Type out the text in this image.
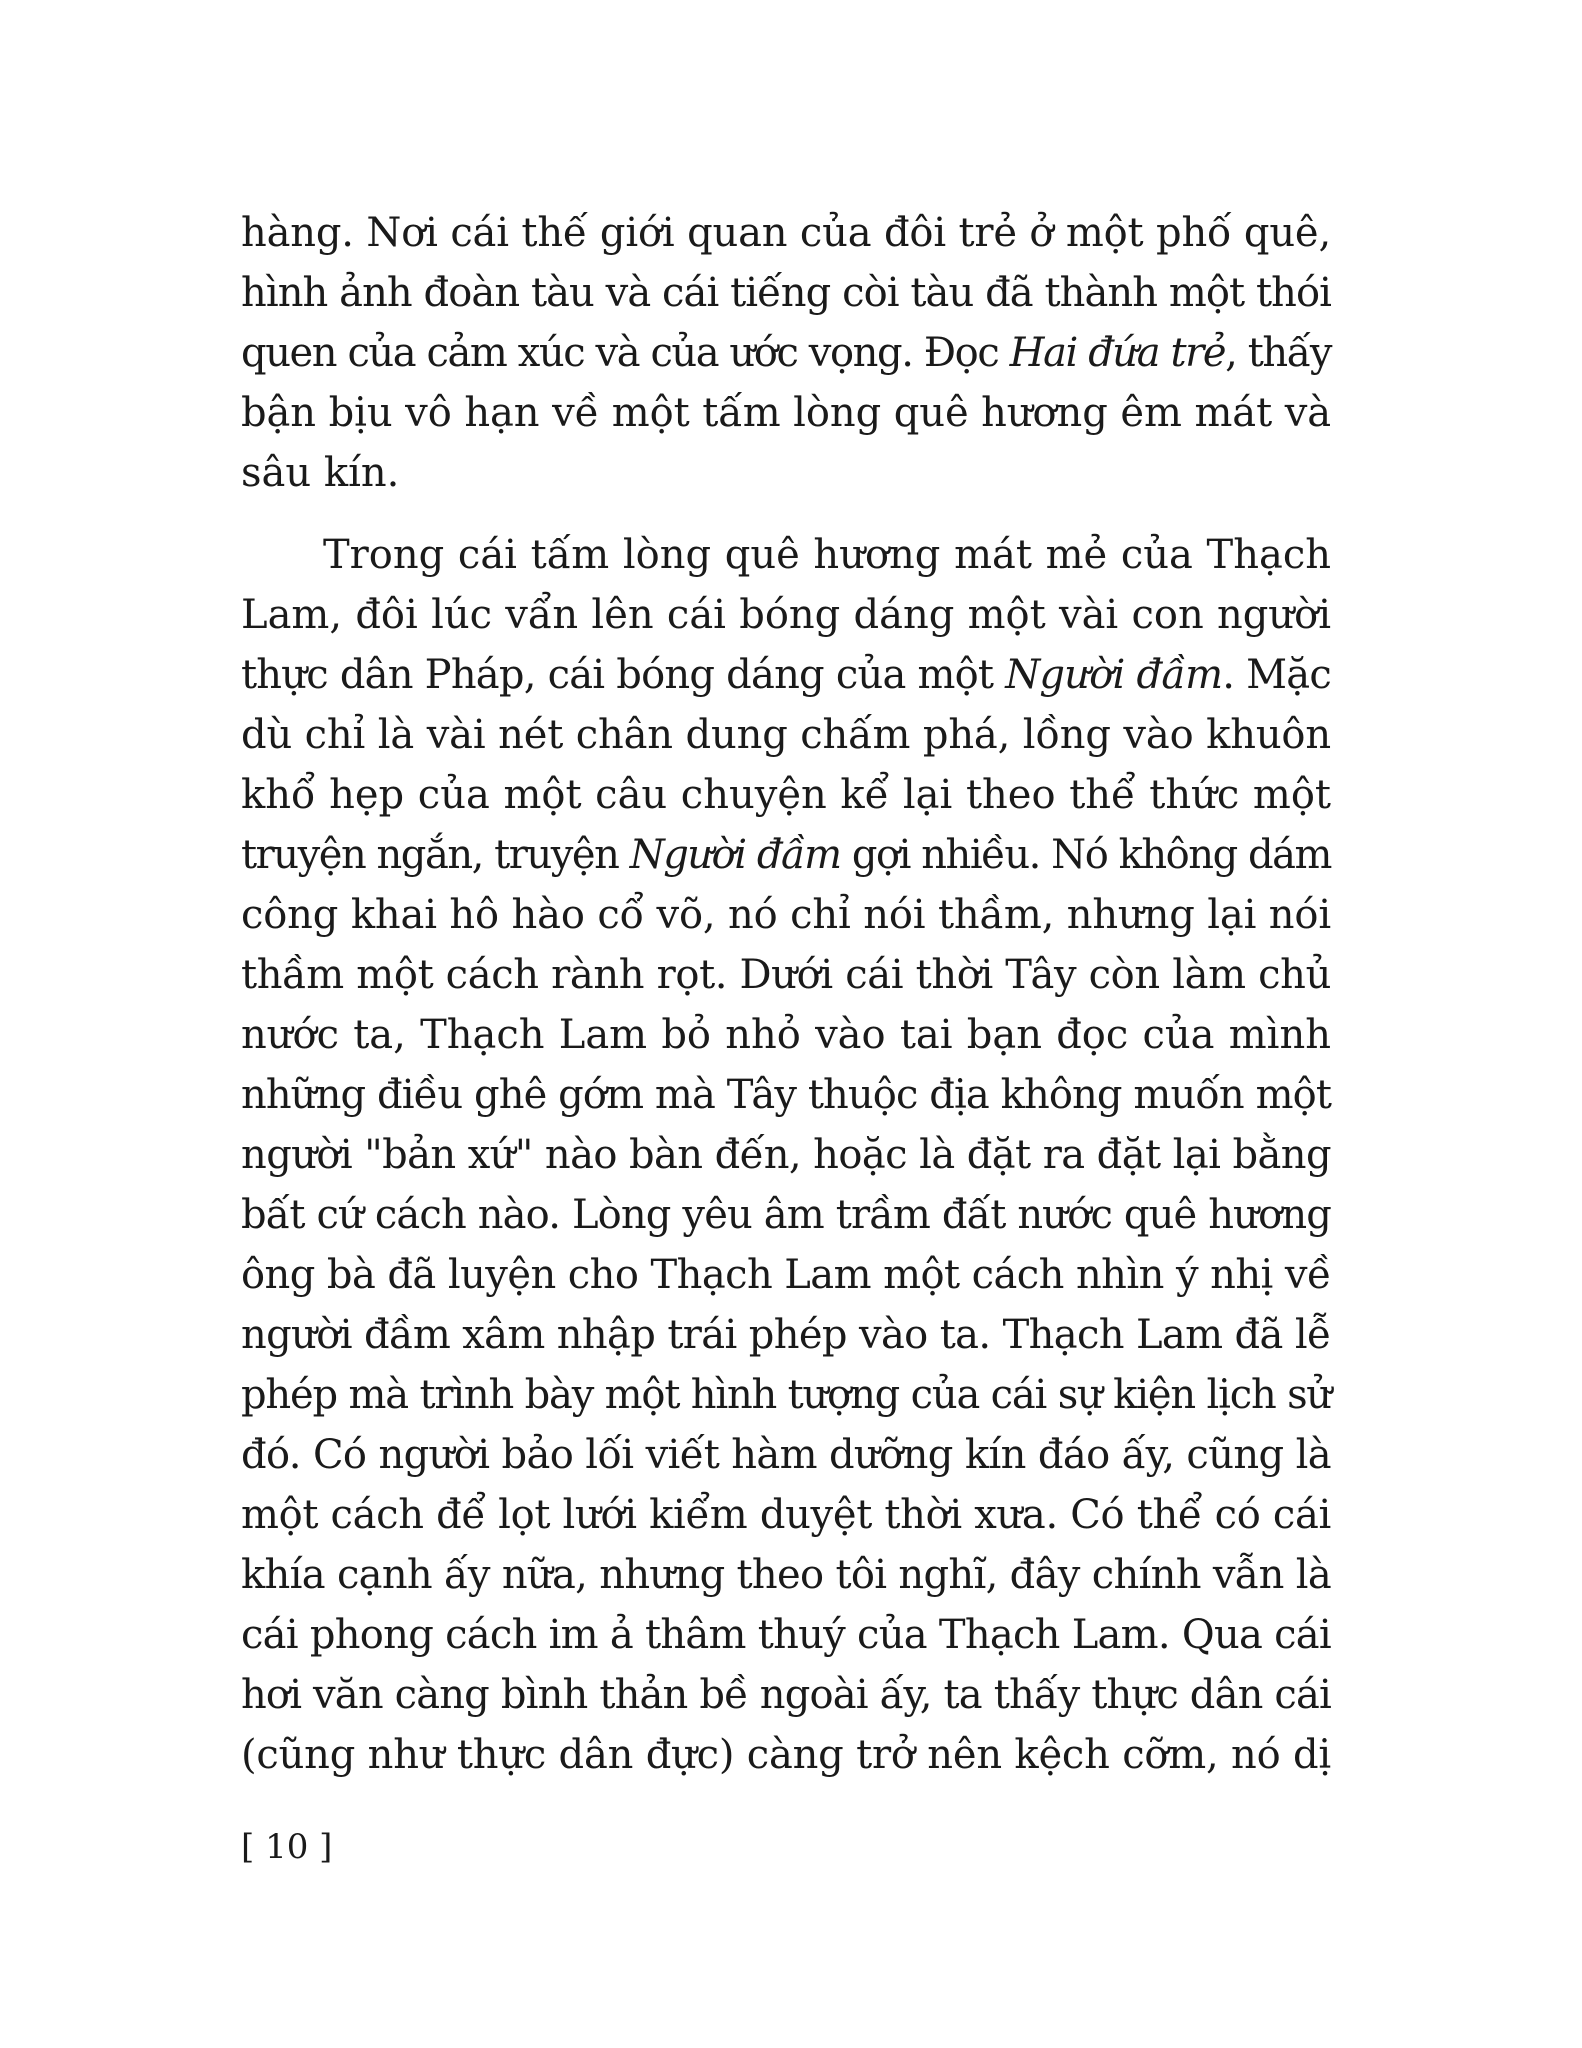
hàng. Nơi cái thế giới quan của đôi trẻ ở một phố quê,
hình ảnh đoàn tàu và cái tiếng còi tàu đã thành một thói
quen của cảm xúc và của ước vọng. Đọc Hai đứa trẻ, thấy
bận bịu vô hạn về một tấm lòng quê hương êm mát và
sâu kín.
Trong cái tấm lòng quê hương mát mẻ của Thạch
Lam, đôi lúc vẩn lên cái bóng dáng một vài con người
thực dân Pháp, cái bóng dáng của một Người đầm. Mặc
dù chỉ là vài nét chân dung chấm phá, lồng vào khuôn
khổ hẹp của một câu chuyện kể lại theo thể thức một
truyện ngắn, truyện Người đầm gợi nhiều. Nó không dám
công khai hô hào cổ võ, nó chỉ nói thầm, nhưng lại nói
thầm một cách rành rọt. Dưới cái thời Tây còn làm chủ
nước ta, Thạch Lam bỏ nhỏ vào tai bạn đọc của mình
những điều ghê gớm mà Tây thuộc địa không muốn một
người "bản xứ" nào bàn đến, hoặc là đặt ra đặt lại bằng
bất cứ cách nào. Lòng yêu âm trầm đất nước quê hương
ông bà đã luyện cho Thạch Lam một cách nhìn ý nhị về
người đầm xâm nhập trái phép vào ta. Thạch Lam đã lễ
phép mà trình bày một hình tượng của cái sự kiện lịch sử
đó. Có người bảo lối viết hàm dưỡng kín đáo ấy, cũng là
một cách để lọt lưới kiểm duyệt thời xưa. Có thể có cái
khía cạnh ấy nữa, nhưng theo tôi nghĩ, đây chính vẫn là
cái phong cách im ả thâm thuý của Thạch Lam. Qua cái
hơi văn càng bình thản bề ngoài ấy, ta thấy thực dân cái
(cũng như thực dân đực) càng trở nên kệch cỡm, nó dị
[ 10 ]
